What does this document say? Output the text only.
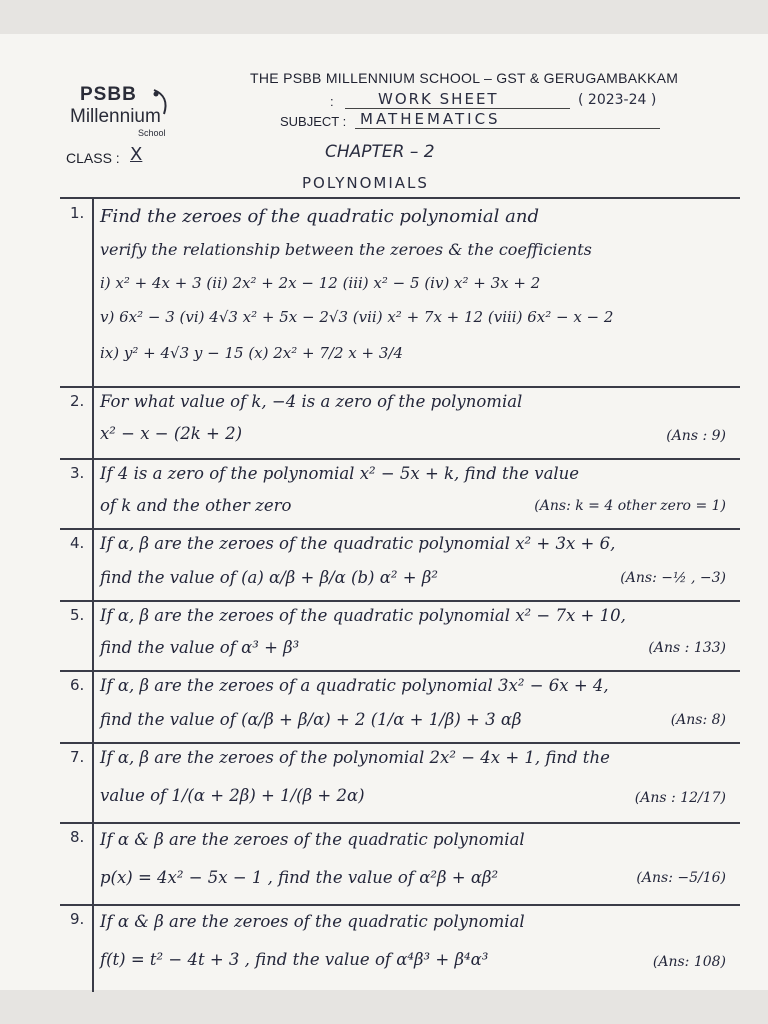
PSBB
Millennium
School
THE PSBB MILLENNIUM SCHOOL – GST & GERUGAMBAKKAM
:	WORK SHEET	( 2023-24 )
SUBJECT : MATHEMATICS
CLASS : X	CHAPTER – 2
POLYNOMIALS
1. Find the zeroes of the quadratic polynomial and
verify the relationship between the zeroes & the coefficients
i) x² + 4x + 3 (ii) 2x² + 2x − 12 (iii) x² − 5 (iv) x² + 3x + 2
v) 6x² − 3 (vi) 4√3 x² + 5x − 2√3 (vii) x² + 7x + 12 (viii) 6x² − x − 2
ix) y² + 4√3 y − 15 (x) 2x² + 7/2 x + 3/4
2. For what value of k, −4 is a zero of the polynomial
x² − x − (2k + 2)	(Ans : 9)
3. If 4 is a zero of the polynomial x² − 5x + k, find the value
of k and the other zero	(Ans: k = 4 other zero = 1)
4. If α, β are the zeroes of the quadratic polynomial x² + 3x + 6,
find the value of (a) α/β + β/α (b) α² + β²	(Ans: −½ , −3)
5. If α, β are the zeroes of the quadratic polynomial x² − 7x + 10,
find the value of α³ + β³	(Ans : 133)
6. If α, β are the zeroes of a quadratic polynomial 3x² − 6x + 4,
find the value of (α/β + β/α) + 2 (1/α + 1/β) + 3 αβ	(Ans: 8)
7. If α, β are the zeroes of the polynomial 2x² − 4x + 1, find the
value of 1/(α + 2β) + 1/(β + 2α)	(Ans : 12/17)
8. If α & β are the zeroes of the quadratic polynomial
p(x) = 4x² − 5x − 1 , find the value of α²β + αβ²	(Ans: −5/16)
9. If α & β are the zeroes of the quadratic polynomial
f(t) = t² − 4t + 3 , find the value of α⁴β³ + β⁴α³	(Ans: 108)
